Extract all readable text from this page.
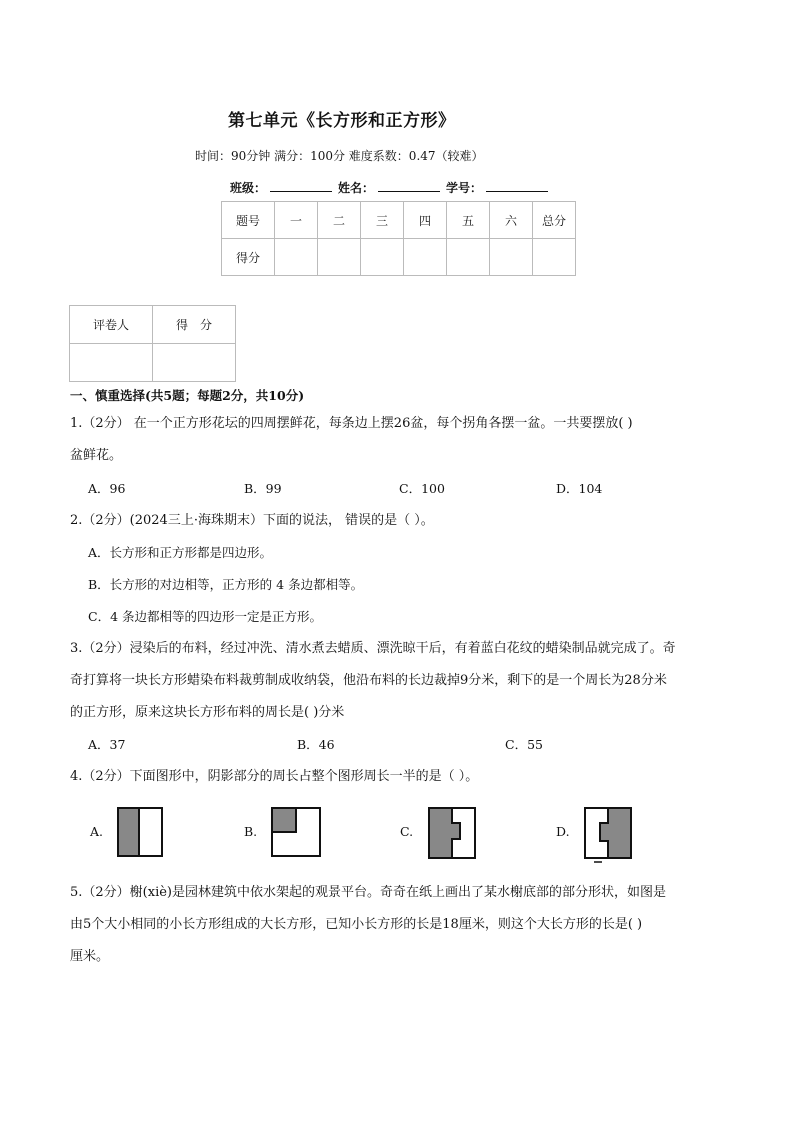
第七单元《长方形和正方形》
时间：90分钟 满分：100分 难度系数：0.47（较难）
班级：	姓名：	学号：
题号	一	二	三	四	五	六	总分
得分							
评卷人	得　分

一、慎重选择(共5题；每题2分，共10分)
1.（2分） 在一个正方形花坛的四周摆鲜花，每条边上摆26盆，每个拐角各摆一盆。一共要摆放( )
盆鲜花。
A．96	B．99	C．100	D．104
2.（2分）(2024三上·海珠期末）下面的说法， 错误的是（ ）。
A．长方形和正方形都是四边形。
B．长方形的对边相等，正方形的 4 条边都相等。
C．4 条边都相等的四边形一定是正方形。
3.（2分）浸染后的布料，经过冲洗、清水煮去蜡质、漂洗晾干后，有着蓝白花纹的蜡染制品就完成了。奇
奇打算将一块长方形蜡染布料裁剪制成收纳袋，他沿布料的长边裁掉9分米，剩下的是一个周长为28分米
的正方形，原来这块长方形布料的周长是( )分米
A．37	B．46	C．55
4.（2分）下面图形中，阴影部分的周长占整个图形周长一半的是（ ）。
A.	B.	C.	D.
5.（2分）榭(xiè)是园林建筑中依水架起的观景平台。奇奇在纸上画出了某水榭底部的部分形状，如图是
由5个大小相同的小长方形组成的大长方形，已知小长方形的长是18厘米，则这个大长方形的长是( )
厘米。
